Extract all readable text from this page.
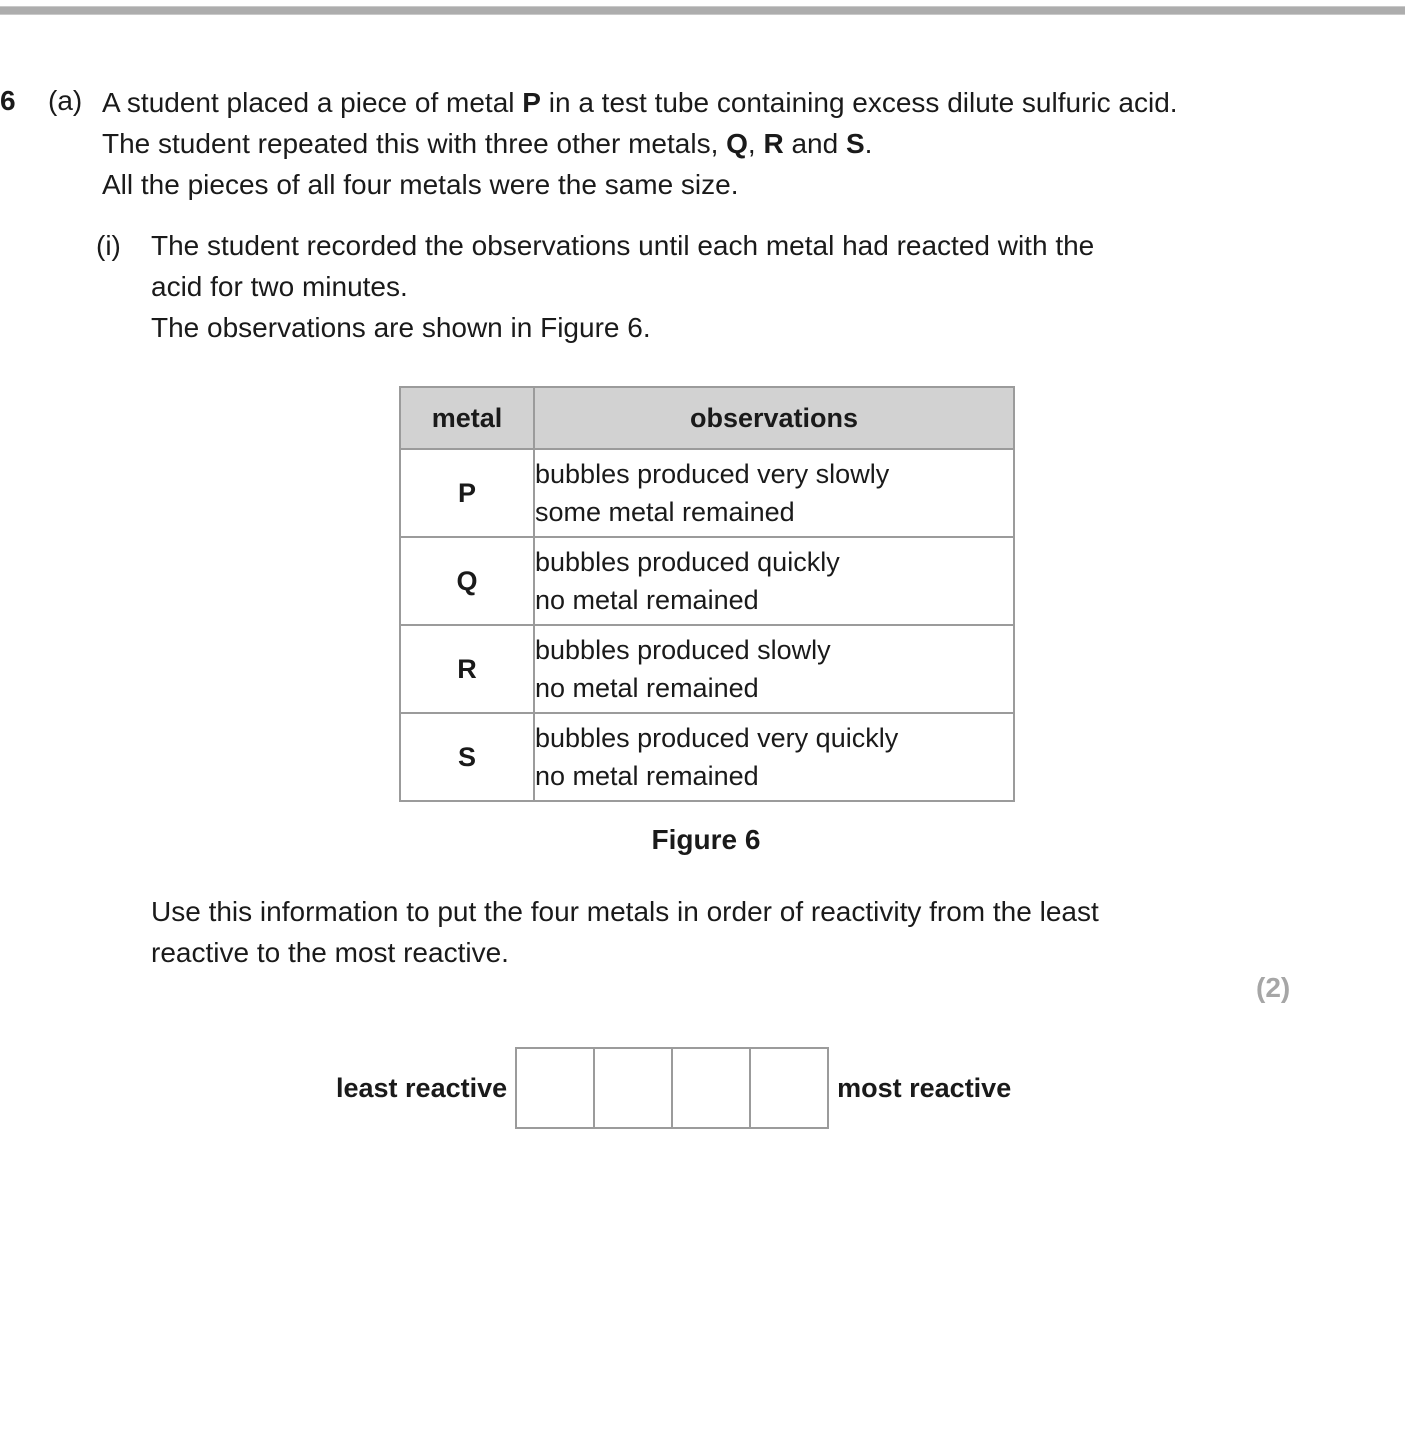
6 (a) A student placed a piece of metal P in a test tube containing excess dilute sulfuric acid.
The student repeated this with three other metals, Q, R and S.
All the pieces of all four metals were the same size.
(i) The student recorded the observations until each metal had reacted with the
acid for two minutes.
The observations are shown in Figure 6.
metal	observations
P	bubbles produced very slowly
some metal remained

Q	bubbles produced quickly
no metal remained

R	bubbles produced slowly
no metal remained

S	bubbles produced very quickly
no metal remained
Figure 6
Use this information to put the four metals in order of reactivity from the least
reactive to the most reactive.
(2)
least reactive	most reactive
